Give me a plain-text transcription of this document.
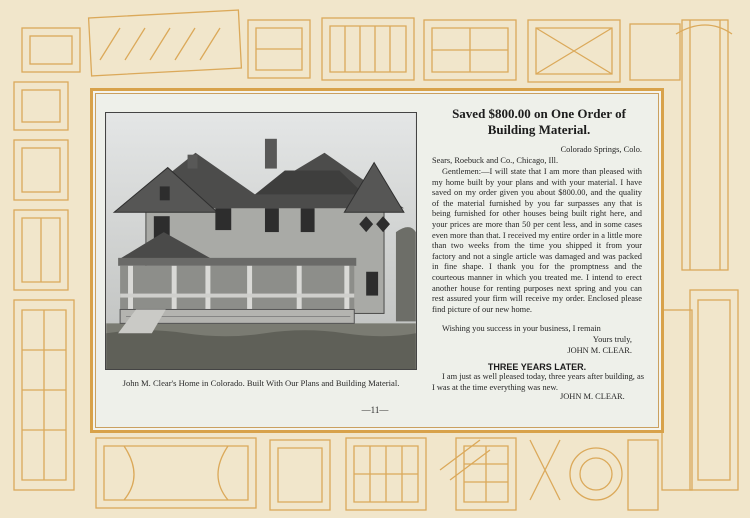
John M. Clear's Home in Colorado. Built With Our Plans and Building Material.
Saved $800.00 on One Order of Building Material.
Colorado Springs, Colo.
Sears, Roebuck and Co., Chicago, Ill.
Gentlemen:—I will state that I am more than pleased with my home built by your plans and with your material. I have saved on my order given you about $800.00, and the quality of the material furnished by you far surpasses any that is being furnished for other houses being built right here, and your prices are more than 50 per cent less, and in some cases even more than that. I received my entire order in a little more than two weeks from the time you shipped it from your factory and not a single article was damaged and was packed in fine shape. I thank you for the promptness and the courteous manner in which you treated me. I intend to erect another house for renting purposes next spring and you can rest assured your firm will receive my order. Enclosed please find picture of our new home.
Wishing you success in your business, I remain
Yours truly,
JOHN M. CLEAR.
THREE YEARS LATER.
I am just as well pleased today, three years after building, as I was at the time everything was new.
JOHN M. CLEAR.
—11—
